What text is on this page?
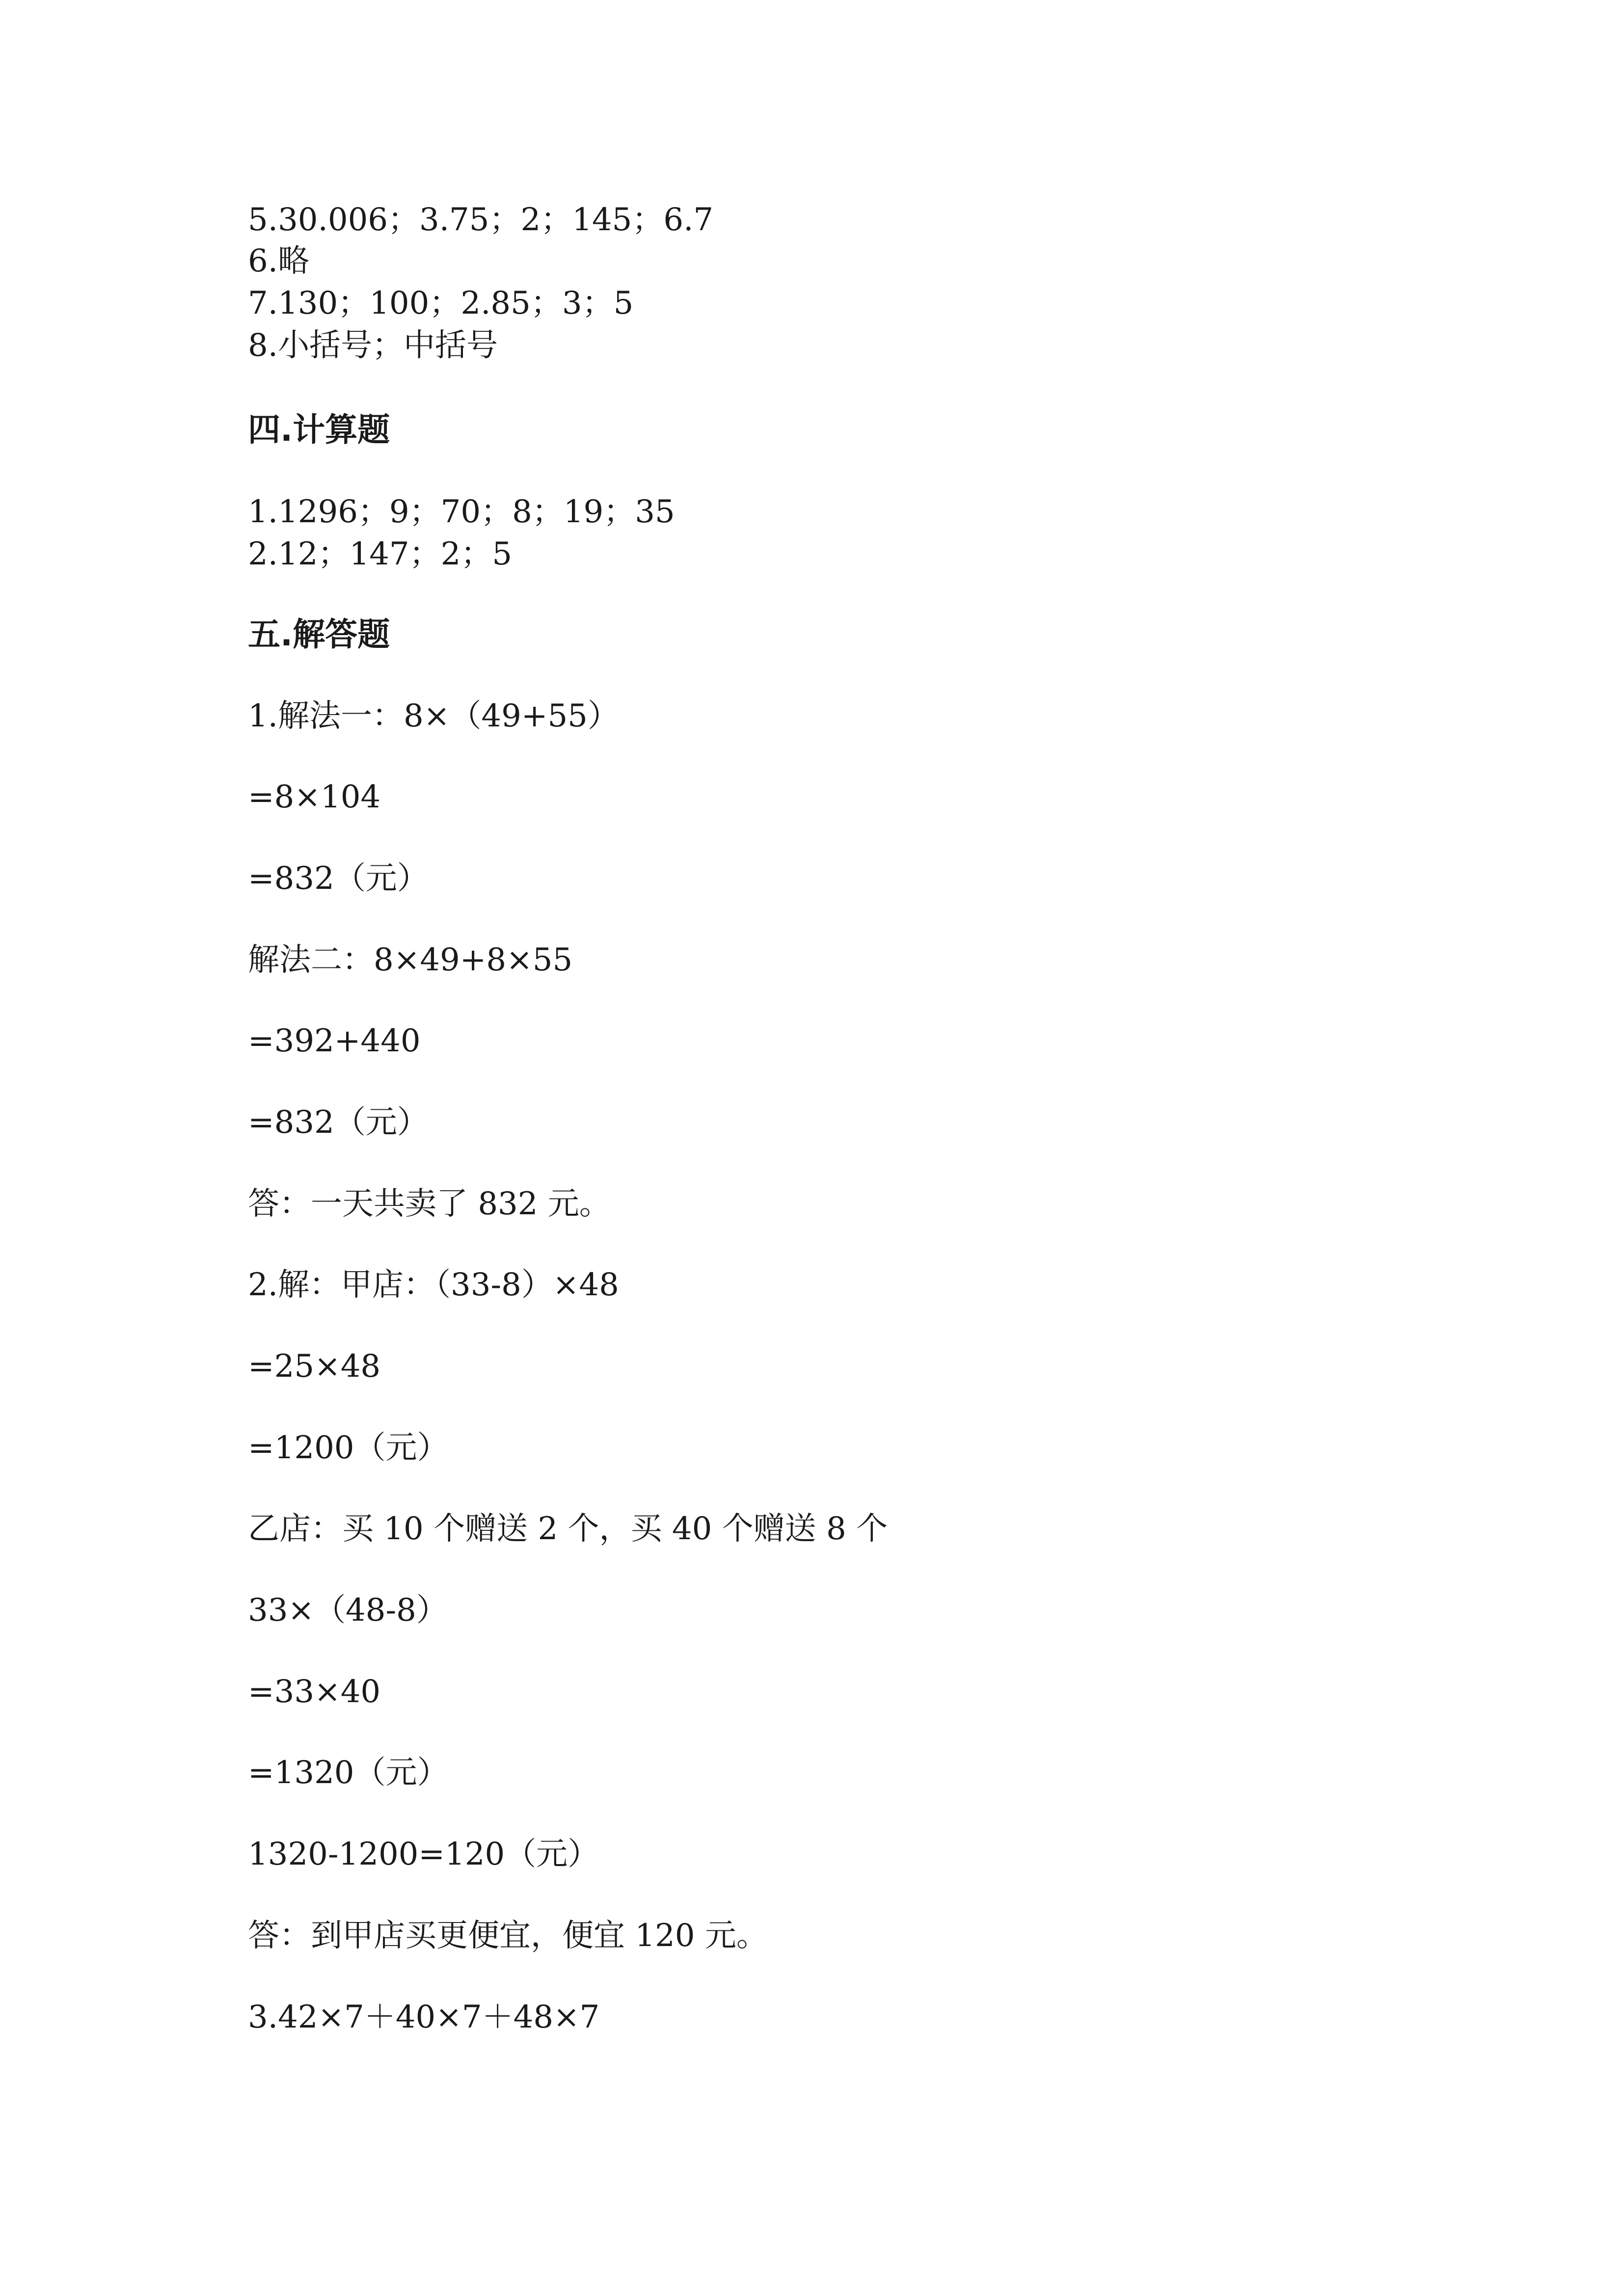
5.30.006；3.75；2；145；6.7
6.略
7.130；100；2.85；3；5
8.小括号；中括号
四.计算题
1.1296；9；70；8；19；35
2.12；147；2；5
五.解答题
1.解法一：8×（49+55）
=8×104
=832（元）
解法二：8×49+8×55
=392+440
=832（元）
答：一天共卖了 832 元。
2.解：甲店：（33-8）×48
=25×48
=1200（元）
乙店：买 10 个赠送 2 个，买 40 个赠送 8 个
33×（48-8）
=33×40
=1320（元）
1320-1200=120（元）
答：到甲店买更便宜，便宜 120 元。
3.42×7＋40×7＋48×7
